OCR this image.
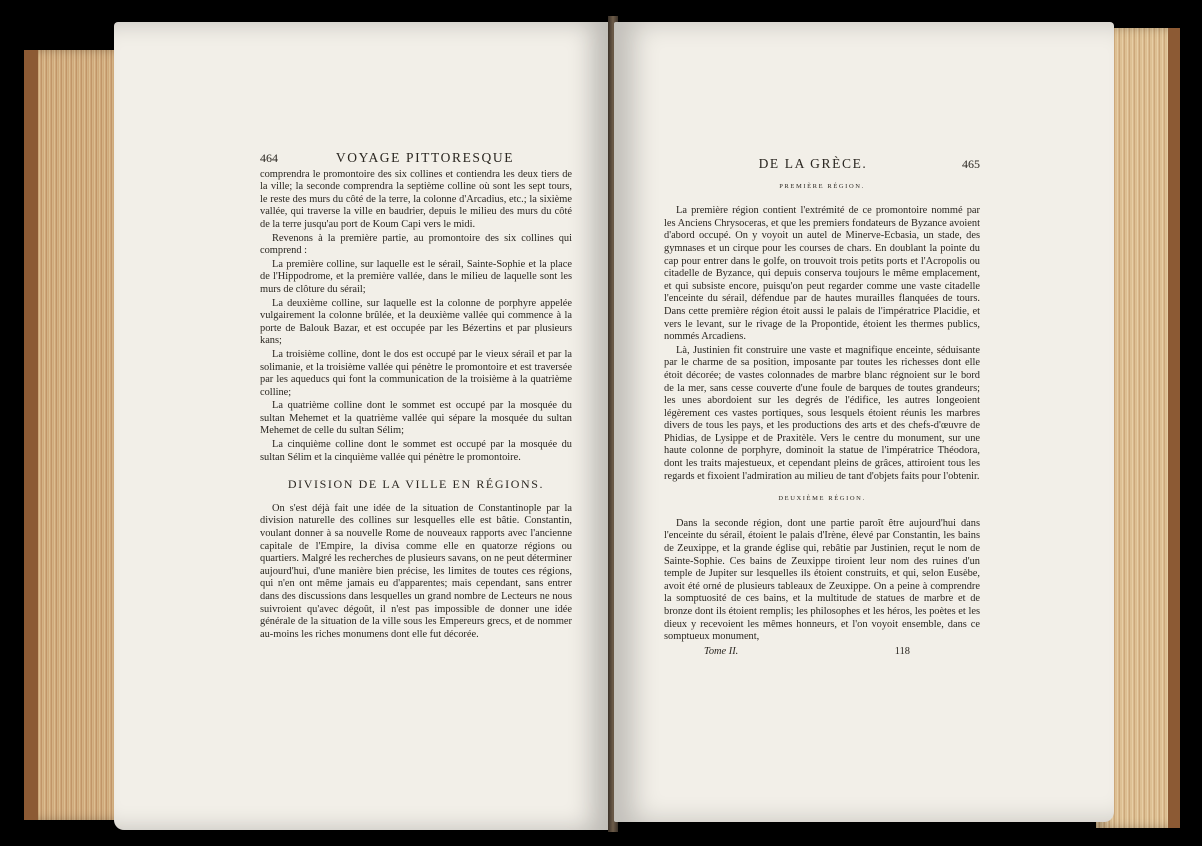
464	VOYAGE PITTORESQUE

comprendra le promontoire des six collines et contiendra les deux tiers de la ville; la seconde comprendra la septième colline où sont les sept tours, le reste des murs du côté de la terre, la colonne d'Arcadius, etc.; la sixième vallée, qui traverse la ville en baudrier, depuis le milieu des murs du côté de la terre jusqu'au port de Koum Capi vers le midi.

Revenons à la première partie, au promontoire des six collines qui comprend :

La première colline, sur laquelle est le sérail, Sainte-Sophie et la place de l'Hippodrome, et la première vallée, dans le milieu de laquelle sont les murs de clôture du sérail;

La deuxième colline, sur laquelle est la colonne de porphyre appelée vulgairement la colonne brûlée, et la deuxième vallée qui commence à la porte de Balouk Bazar, et est occupée par les Bézertins et par plusieurs kans;

La troisième colline, dont le dos est occupé par le vieux sérail et par la solimanie, et la troisième vallée qui pénètre le promontoire et est traversée par les aqueducs qui font la communication de la troisième à la quatrième colline;

La quatrième colline dont le sommet est occupé par la mosquée du sultan Mehemet et la quatrième vallée qui sépare la mosquée du sultan Mehemet de celle du sultan Sélim;

La cinquième colline dont le sommet est occupé par la mosquée du sultan Sélim et la cinquième vallée qui pénètre le promontoire.

DIVISION DE LA VILLE EN RÉGIONS.

On s'est déjà fait une idée de la situation de Constantinople par la division naturelle des collines sur lesquelles elle est bâtie. Constantin, voulant donner à sa nouvelle Rome de nouveaux rapports avec l'ancienne capitale de l'Empire, la divisa comme elle en quatorze régions ou quartiers. Malgré les recherches de plusieurs savans, on ne peut déterminer aujourd'hui, d'une manière bien précise, les limites de toutes ces régions, qui n'en ont même jamais eu d'apparentes; mais cependant, sans entrer dans des discussions dans lesquelles un grand nombre de Lecteurs ne nous suivroient qu'avec dégoût, il n'est pas impossible de donner une idée générale de la situation de la ville sous les Empereurs grecs, et de nommer au-moins les riches monumens dont elle fut décorée.

DE LA GRÈCE.	465
PREMIÈRE RÉGION.

La première région contient l'extrémité de ce promontoire nommé par les Anciens Chrysoceras, et que les premiers fondateurs de Byzance avoient d'abord occupé. On y voyoit un autel de Minerve-Ecbasia, un stade, des gymnases et un cirque pour les courses de chars. En doublant la pointe du cap pour entrer dans le golfe, on trouvoit trois petits ports et l'Acropolis ou citadelle de Byzance, qui depuis conserva toujours le même emplacement, et qui subsiste encore, puisqu'on peut regarder comme une vaste citadelle l'enceinte du sérail, défendue par de hautes murailles flanquées de tours. Dans cette première région étoit aussi le palais de l'impératrice Placidie, et vers le levant, sur le rivage de la Propontide, étoient les thermes publics, nommés Arcadiens.

Là, Justinien fit construire une vaste et magnifique enceinte, séduisante par le charme de sa position, imposante par toutes les richesses dont elle étoit décorée; de vastes colonnades de marbre blanc régnoient sur le bord de la mer, sans cesse couverte d'une foule de barques de toutes grandeurs; les unes abordoient sur les degrés de l'édifice, les autres longeoient légèrement ces vastes portiques, sous lesquels étoient réunis les marbres divers de tous les pays, et les productions des arts et des chefs-d'œuvre de Phidias, de Lysippe et de Praxitèle. Vers le centre du monument, sur une haute colonne de porphyre, dominoit la statue de l'impératrice Théodora, dont les traits majestueux, et cependant pleins de grâces, attiroient tous les regards et fixoient l'admiration au milieu de tant d'objets faits pour l'obtenir.

DEUXIÈME RÉGION.

Dans la seconde région, dont une partie paroît être aujourd'hui dans l'enceinte du sérail, étoient le palais d'Irène, élevé par Constantin, les bains de Zeuxippe, et la grande église qui, rebâtie par Justinien, reçut le nom de Sainte-Sophie. Ces bains de Zeuxippe tiroient leur nom des ruines d'un temple de Jupiter sur lesquelles ils étoient construits, et qui, selon Eusèbe, avoit été orné de plusieurs tableaux de Zeuxippe. On a peine à comprendre la somptuosité de ces bains, et la multitude de statues de marbre et de bronze dont ils étoient remplis; les philosophes et les héros, les poètes et les dieux y recevoient les mêmes honneurs, et l'on voyoit ensemble, dans ce somptueux monument,

Tome II.	118
